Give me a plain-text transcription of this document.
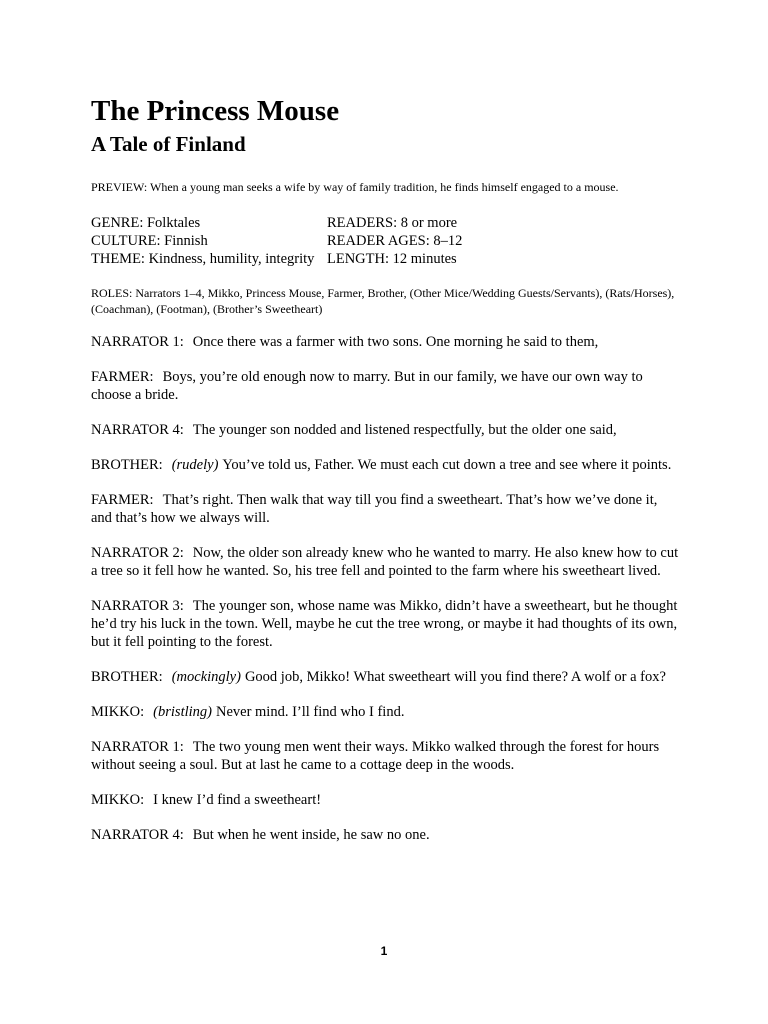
The Princess Mouse
A Tale of Finland
PREVIEW: When a young man seeks a wife by way of family tradition, he finds himself engaged to a mouse.
GENRE: Folktales	READERS: 8 or more
CULTURE: Finnish	READER AGES: 8–12
THEME: Kindness, humility, integrity LENGTH: 12 minutes
ROLES: Narrators 1–4, Mikko, Princess Mouse, Farmer, Brother, (Other Mice/Wedding Guests/Servants), (Rats/Horses), (Coachman), (Footman), (Brother’s Sweetheart)

NARRATOR 1: Once there was a farmer with two sons. One morning he said to them,

FARMER: Boys, you’re old enough now to marry. But in our family, we have our own way to choose a bride.

NARRATOR 4: The younger son nodded and listened respectfully, but the older one said,

BROTHER: (rudely) You’ve told us, Father. We must each cut down a tree and see where it points.

FARMER: That’s right. Then walk that way till you find a sweetheart. That’s how we’ve done it, and that’s how we always will.

NARRATOR 2: Now, the older son already knew who he wanted to marry. He also knew how to cut a tree so it fell how he wanted. So, his tree fell and pointed to the farm where his sweetheart lived.

NARRATOR 3: The younger son, whose name was Mikko, didn’t have a sweetheart, but he thought he’d try his luck in the town. Well, maybe he cut the tree wrong, or maybe it had thoughts of its own, but it fell pointing to the forest.

BROTHER: (mockingly) Good job, Mikko! What sweetheart will you find there? A wolf or a fox?

MIKKO: (bristling) Never mind. I’ll find who I find.

NARRATOR 1: The two young men went their ways. Mikko walked through the forest for hours without seeing a soul. But at last he came to a cottage deep in the woods.

MIKKO: I knew I’d find a sweetheart!

NARRATOR 4: But when he went inside, he saw no one.

1
